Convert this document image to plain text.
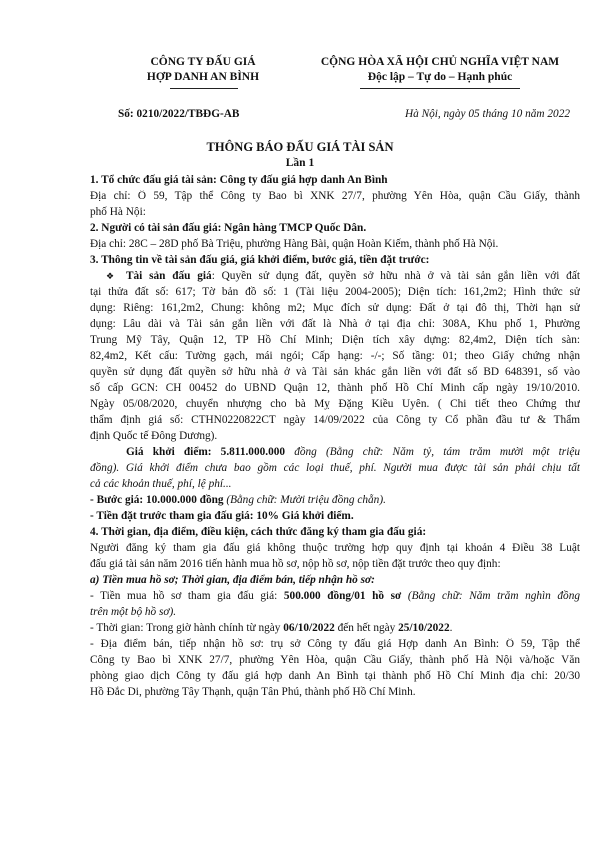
CÔNG TY ĐẤU GIÁ
HỢP DANH AN BÌNH
CỘNG HÒA XÃ HỘI CHỦ NGHĨA VIỆT NAM
Độc lập – Tự do – Hạnh phúc
Số: 0210/2022/TBĐG-AB	Hà Nội, ngày 05 tháng 10 năm 2022
THÔNG BÁO ĐẤU GIÁ TÀI SẢN
Lần 1
1. Tổ chức đấu giá tài sản: Công ty đấu giá hợp danh An Bình
Địa chỉ: Ô 59, Tập thể Công ty Bao bì XNK 27/7, phường Yên Hòa, quận Cầu Giấy, thành
phố Hà Nội:
2. Người có tài sản đấu giá: Ngân hàng TMCP Quốc Dân.
Địa chỉ: 28C – 28D phố Bà Triệu, phường Hàng Bài, quận Hoàn Kiếm, thành phố Hà Nội.
3. Thông tin về tài sản đấu giá, giá khởi điểm, bước giá, tiền đặt trước:
❖ Tài sản đấu giá: Quyền sử dụng đất, quyền sở hữu nhà ở và tài sản gắn liền với đất
tại thửa đất số: 617; Tờ bản đồ số: 1 (Tài liệu 2004-2005); Diện tích: 161,2m2; Hình thức sử
dụng: Riêng: 161,2m2, Chung: không m2; Mục đích sử dụng: Đất ở tại đô thị, Thời hạn sử
dụng: Lâu dài và Tài sản gắn liền với đất là Nhà ở tại địa chỉ: 308A, Khu phố 1, Phường
Trung Mỹ Tây, Quận 12, TP Hồ Chí Minh; Diện tích xây dựng: 82,4m2, Diện tích sàn:
82,4m2, Kết cấu: Tường gạch, mái ngói; Cấp hạng: -/-; Số tầng: 01; theo Giấy chứng nhận
quyền sử dụng đất quyền sở hữu nhà ở và Tài sản khác gắn liền với đất số BD 648391, số vào
số cấp GCN: CH 00452 do UBND Quận 12, thành phố Hồ Chí Minh cấp ngày 19/10/2010.
Ngày 05/08/2020, chuyển nhượng cho bà Mỵ Đặng Kiều Uyên. ( Chi tiết theo Chứng thư
thẩm định giá số: CTHN0220822CT ngày 14/09/2022 của Công ty Cổ phần đầu tư & Thẩm
định Quốc tế Đông Dương).
Giá khởi điểm: 5.811.000.000 đồng (Bằng chữ: Năm tỷ, tám trăm mười một triệu
đồng). Giá khởi điểm chưa bao gồm các loại thuế, phí. Người mua được tài sản phải chịu tất
cả các khoản thuế, phí, lệ phí...
- Bước giá: 10.000.000 đồng (Bằng chữ: Mười triệu đồng chẵn).
- Tiền đặt trước tham gia đấu giá: 10% Giá khởi điểm.
4. Thời gian, địa điểm, điều kiện, cách thức đăng ký tham gia đấu giá:
Người đăng ký tham gia đấu giá không thuộc trường hợp quy định tại khoản 4 Điều 38 Luật
đấu giá tài sản năm 2016 tiến hành mua hồ sơ, nộp hồ sơ, nộp tiền đặt trước theo quy định:
a) Tiền mua hồ sơ; Thời gian, địa điểm bán, tiếp nhận hồ sơ:
- Tiền mua hồ sơ tham gia đấu giá: 500.000 đồng/01 hồ sơ (Bằng chữ: Năm trăm nghìn đồng
trên một bộ hồ sơ).
- Thời gian: Trong giờ hành chính từ ngày 06/10/2022 đến hết ngày 25/10/2022.
- Địa điểm bán, tiếp nhận hồ sơ: trụ sở Công ty đấu giá Hợp danh An Bình: Ô 59, Tập thể
Công ty Bao bì XNK 27/7, phường Yên Hòa, quận Cầu Giấy, thành phố Hà Nội và/hoặc Văn
phòng giao dịch Công ty đấu giá hợp danh An Bình tại thành phố Hồ Chí Minh địa chỉ: 20/30
Hồ Đắc Di, phường Tây Thạnh, quận Tân Phú, thành phố Hồ Chí Minh.
